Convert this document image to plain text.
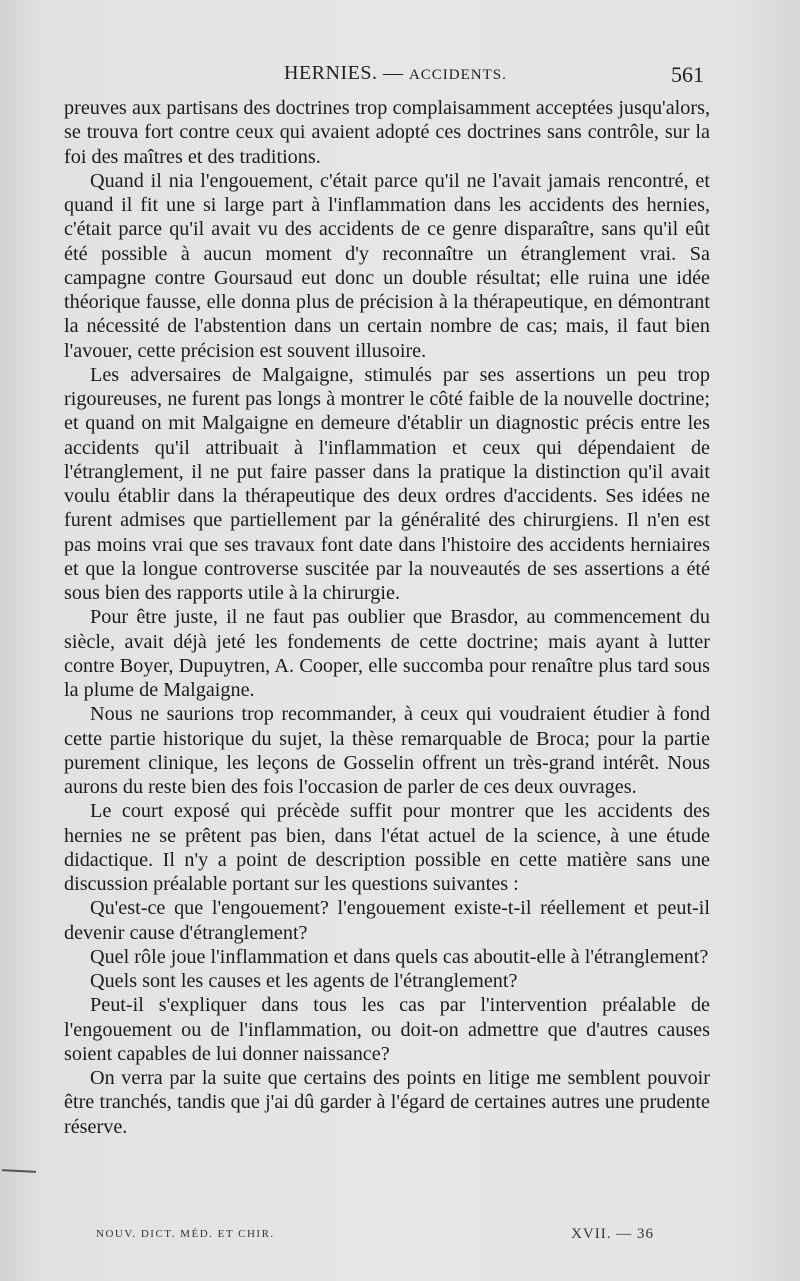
HERNIES. — ACCIDENTS.	561

preuves aux partisans des doctrines trop complaisamment acceptées jusqu'alors, se trouva fort contre ceux qui avaient adopté ces doctrines sans contrôle, sur la foi des maîtres et des traditions.

Quand il nia l'engouement, c'était parce qu'il ne l'avait jamais rencontré, et quand il fit une si large part à l'inflammation dans les accidents des hernies, c'était parce qu'il avait vu des accidents de ce genre disparaître, sans qu'il eût été possible à aucun moment d'y reconnaître un étranglement vrai. Sa campagne contre Goursaud eut donc un double résultat; elle ruina une idée théorique fausse, elle donna plus de précision à la thérapeutique, en démontrant la nécessité de l'abstention dans un certain nombre de cas; mais, il faut bien l'avouer, cette précision est souvent illusoire.

Les adversaires de Malgaigne, stimulés par ses assertions un peu trop rigoureuses, ne furent pas longs à montrer le côté faible de la nouvelle doctrine; et quand on mit Malgaigne en demeure d'établir un diagnostic précis entre les accidents qu'il attribuait à l'inflammation et ceux qui dépendaient de l'étranglement, il ne put faire passer dans la pratique la distinction qu'il avait voulu établir dans la thérapeutique des deux ordres d'accidents. Ses idées ne furent admises que partiellement par la généralité des chirurgiens. Il n'en est pas moins vrai que ses travaux font date dans l'histoire des accidents herniaires et que la longue controverse suscitée par la nouveautés de ses assertions a été sous bien des rapports utile à la chirurgie.

Pour être juste, il ne faut pas oublier que Brasdor, au commencement du siècle, avait déjà jeté les fondements de cette doctrine; mais ayant à lutter contre Boyer, Dupuytren, A. Cooper, elle succomba pour renaître plus tard sous la plume de Malgaigne.

Nous ne saurions trop recommander, à ceux qui voudraient étudier à fond cette partie historique du sujet, la thèse remarquable de Broca; pour la partie purement clinique, les leçons de Gosselin offrent un très-grand intérêt. Nous aurons du reste bien des fois l'occasion de parler de ces deux ouvrages.

Le court exposé qui précède suffit pour montrer que les accidents des hernies ne se prêtent pas bien, dans l'état actuel de la science, à une étude didactique. Il n'y a point de description possible en cette matière sans une discussion préalable portant sur les questions suivantes :

Qu'est-ce que l'engouement? l'engouement existe-t-il réellement et peut-il devenir cause d'étranglement?

Quel rôle joue l'inflammation et dans quels cas aboutit-elle à l'étranglement?

Quels sont les causes et les agents de l'étranglement?

Peut-il s'expliquer dans tous les cas par l'intervention préalable de l'engouement ou de l'inflammation, ou doit-on admettre que d'autres causes soient capables de lui donner naissance?

On verra par la suite que certains des points en litige me semblent pouvoir être tranchés, tandis que j'ai dû garder à l'égard de certaines autres une prudente réserve.

NOUV. DICT. MÉD. ET CHIR.	XVII. — 36
